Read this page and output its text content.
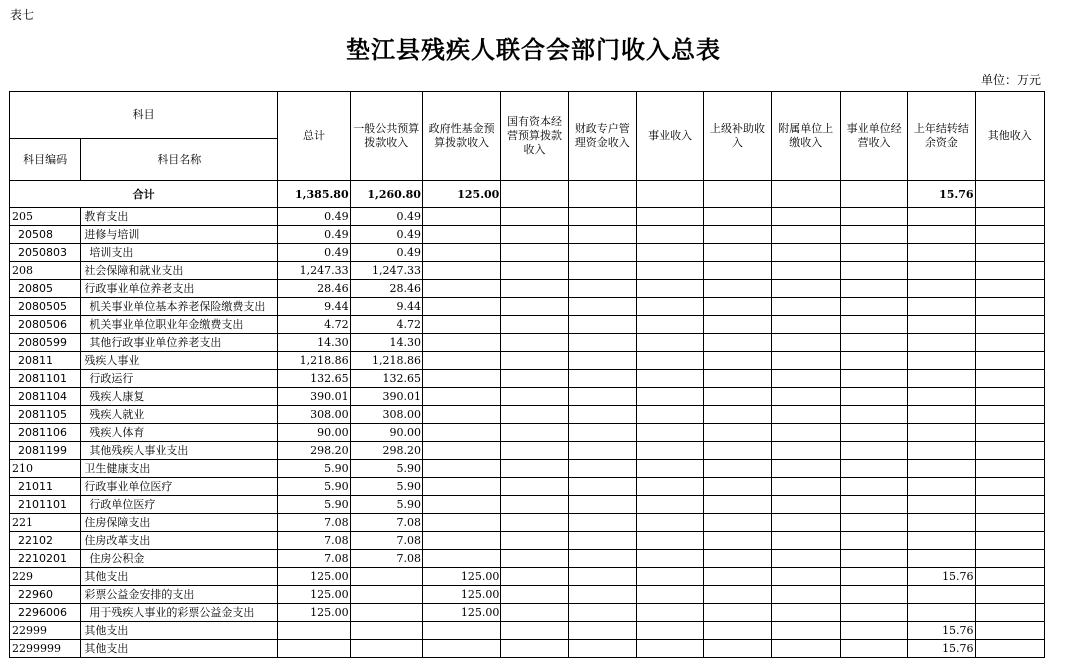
表七
垫江县残疾人联合会部门收入总表
单位：万元
科目		总计	一般公共预算拨款收入	政府性基金预算拨款收入	国有资本经营预算拨款收入	财政专户管理资金收入	事业收入	上级补助收入	附属单位上缴收入	事业单位经营收入	上年结转结余资金	其他收入
科目编码	科目名称											
合计		1,385.80	1,260.80	125.00							15.76	
205	教育支出	0.49	0.49									
20508	进修与培训	0.49	0.49									
2050803	培训支出	0.49	0.49									
208	社会保障和就业支出	1,247.33	1,247.33									
20805	行政事业单位养老支出	28.46	28.46									
2080505	机关事业单位基本养老保险缴费支出	9.44	9.44									
2080506	机关事业单位职业年金缴费支出	4.72	4.72									
2080599	其他行政事业单位养老支出	14.30	14.30									
20811	残疾人事业	1,218.86	1,218.86									
2081101	行政运行	132.65	132.65									
2081104	残疾人康复	390.01	390.01									
2081105	残疾人就业	308.00	308.00									
2081106	残疾人体育	90.00	90.00									
2081199	其他残疾人事业支出	298.20	298.20									
210	卫生健康支出	5.90	5.90									
21011	行政事业单位医疗	5.90	5.90									
2101101	行政单位医疗	5.90	5.90									
221	住房保障支出	7.08	7.08									
22102	住房改革支出	7.08	7.08									
2210201	住房公积金	7.08	7.08									
229	其他支出	125.00		125.00							15.76	
22960	彩票公益金安排的支出	125.00		125.00								
2296006	用于残疾人事业的彩票公益金支出	125.00		125.00								
22999	其他支出										15.76	
2299999	其他支出										15.76	
